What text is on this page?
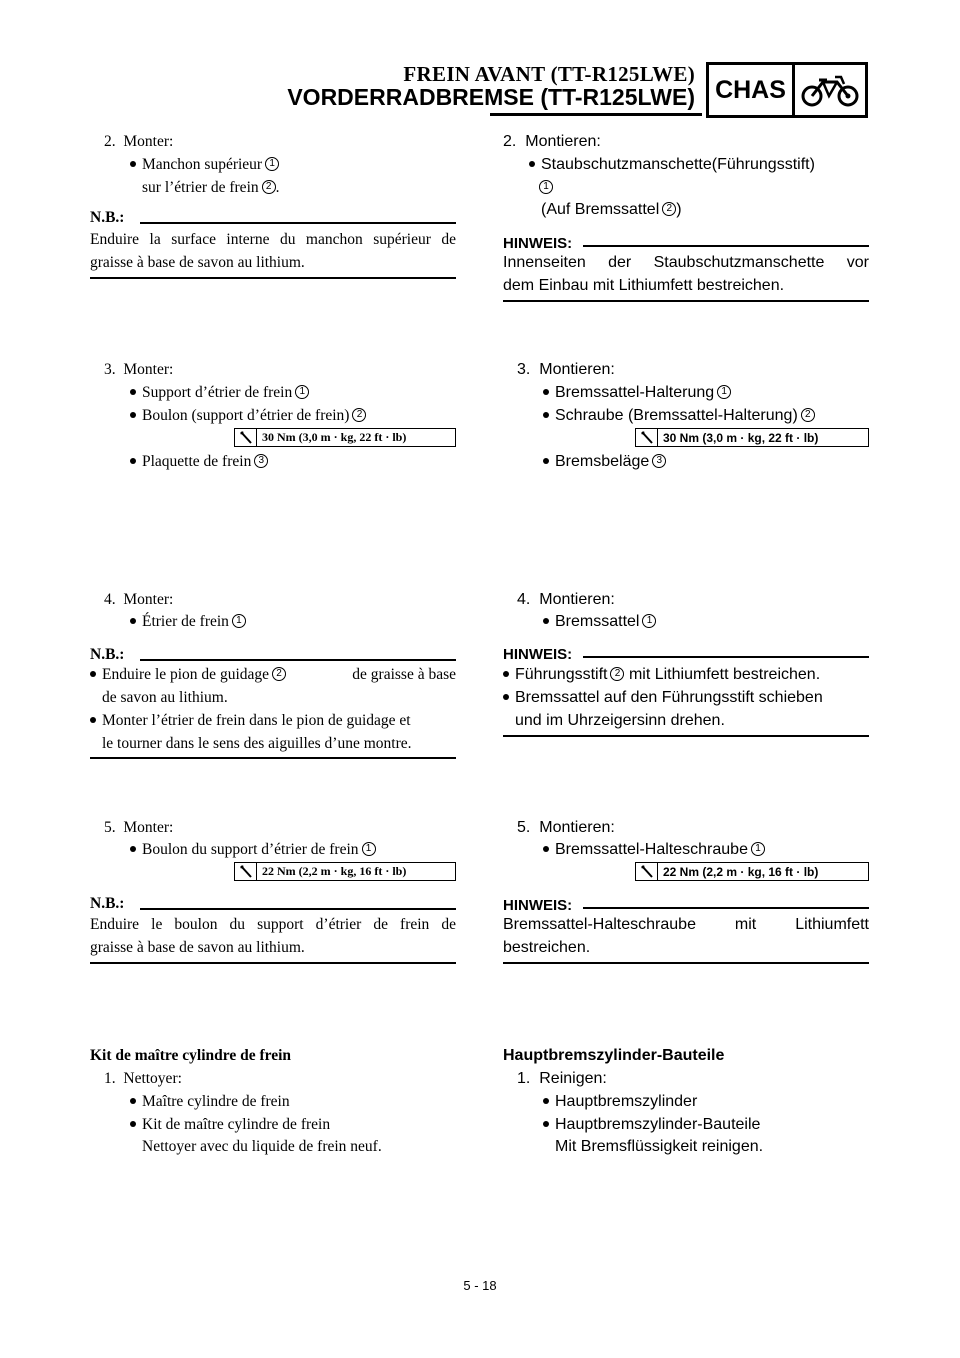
FREIN AVANT (TT-R125LWE)
VORDERRADBREMSE (TT-R125LWE) CHAS
2. Monter:
Manchon supérieur 1
sur l’étrier de frein 2 .
N.B.:
Enduire la surface interne du manchon supérieur de
graisse à base de savon au lithium.
3. Monter:
Support d’étrier de frein 1
Boulon (support d’étrier de frein) 2
30 Nm (3,0 m · kg, 22 ft · lb)
Plaquette de frein 3
4. Monter:
Étrier de frein 1
N.B.:
Enduire le pion de guidage 2	de graisse à base
de savon au lithium.
Monter l’étrier de frein dans le pion de guidage et
le tourner dans le sens des aiguilles d’une montre.
5. Monter:
Boulon du support d’étrier de frein 1
22 Nm (2,2 m · kg, 16 ft · lb)
N.B.:
Enduire le boulon du support d’étrier de frein de
graisse à base de savon au lithium.
Kit de maître cylindre de frein
1. Nettoyer:
Maître cylindre de frein
Kit de maître cylindre de frein
Nettoyer avec du liquide de frein neuf.
2. Montieren:
Staubschutzmanschette(Führungsstift)
1
(Auf Bremssattel 2 )
HINWEIS:
Innenseiten der Staubschutzmanschette vor
dem Einbau mit Lithiumfett bestreichen.
3. Montieren:
Bremssattel-Halterung 1
Schraube (Bremssattel-Halterung) 2
30 Nm (3,0 m · kg, 22 ft · lb)
Bremsbeläge 3
4. Montieren:
Bremssattel 1
HINWEIS:
Führungsstift 2 mit Lithiumfett bestreichen.
Bremssattel auf den Führungsstift schieben
und im Uhrzeigersinn drehen.
5. Montieren:
Bremssattel-Halteschraube 1
22 Nm (2,2 m · kg, 16 ft · lb)
HINWEIS:
Bremssattel-Halteschraube mit Lithiumfett
bestreichen.
Hauptbremszylinder-Bauteile
1. Reinigen:
Hauptbremszylinder
Hauptbremszylinder-Bauteile
Mit Bremsflüssigkeit reinigen.
5 - 18
